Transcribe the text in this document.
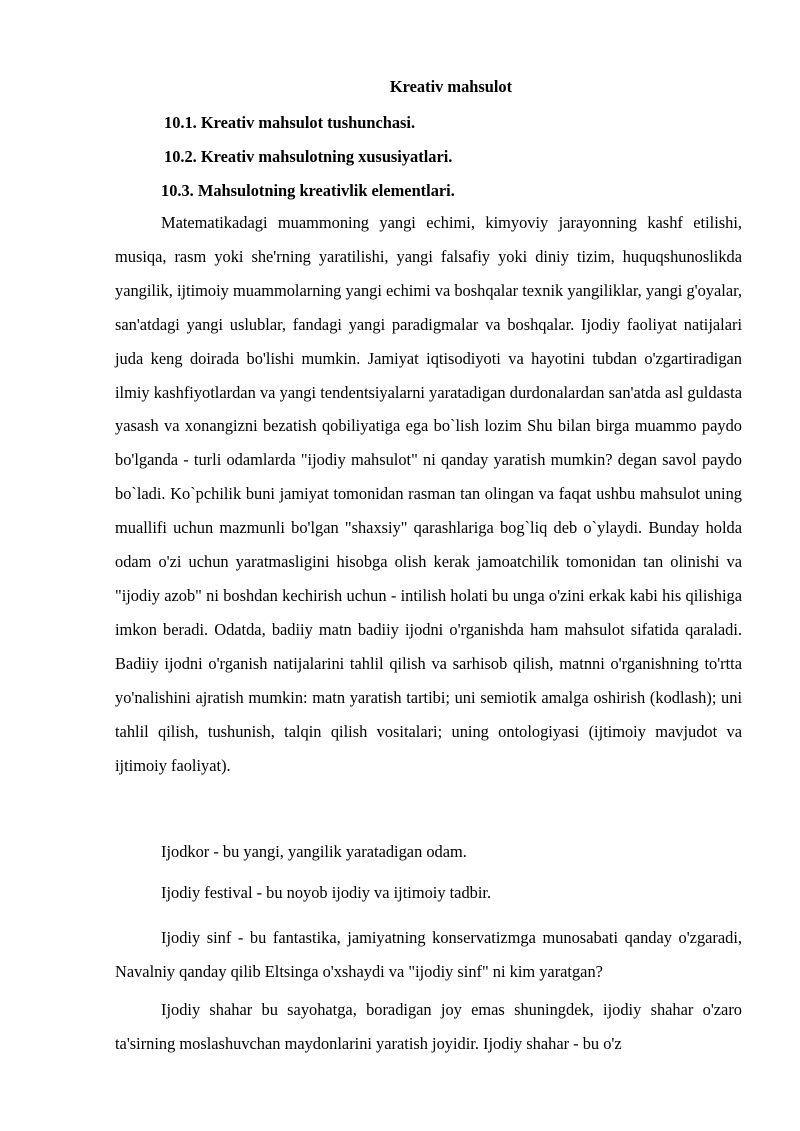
Kreativ mahsulot
10.1. Kreativ mahsulot tushunchasi.
10.2. Kreativ mahsulotning xususiyatlari.
10.3. Mahsulotning kreativlik elementlari.

Matematikadagi muammoning yangi echimi, kimyoviy jarayonning kashf etilishi, musiqa, rasm yoki she'rning yaratilishi, yangi falsafiy yoki diniy tizim, huquqshunoslikda yangilik, ijtimoiy muammolarning yangi echimi va boshqalar texnik yangiliklar, yangi g'oyalar, san'atdagi yangi uslublar, fandagi yangi paradigmalar va boshqalar. Ijodiy faoliyat natijalari juda keng doirada bo'lishi mumkin. Jamiyat iqtisodiyoti va hayotini tubdan o'zgartiradigan ilmiy kashfiyotlardan va yangi tendentsiyalarni yaratadigan durdonalardan san'atda asl guldasta yasash va xonangizni bezatish qobiliyatiga ega bo`lish lozim Shu bilan birga muammo paydo bo'lganda - turli odamlarda "ijodiy mahsulot" ni qanday yaratish mumkin? degan savol paydo bo`ladi. Ko`pchilik buni jamiyat tomonidan rasman tan olingan va faqat ushbu mahsulot uning muallifi uchun mazmunli bo'lgan "shaxsiy" qarashlariga bog`liq deb o`ylaydi. Bunday holda odam o'zi uchun yaratmasligini hisobga olish kerak jamoatchilik tomonidan tan olinishi va "ijodiy azob" ni boshdan kechirish uchun - intilish holati bu unga o'zini erkak kabi his qilishiga imkon beradi. Odatda, badiiy matn badiiy ijodni o'rganishda ham mahsulot sifatida qaraladi. Badiiy ijodni o'rganish natijalarini tahlil qilish va sarhisob qilish, matnni o'rganishning to'rtta yo'nalishini ajratish mumkin: matn yaratish tartibi; uni semiotik amalga oshirish (kodlash); uni tahlil qilish, tushunish, talqin qilish vositalari; uning ontologiyasi (ijtimoiy mavjudot va ijtimoiy faoliyat).

Ijodkor - bu yangi, yangilik yaratadigan odam.

Ijodiy festival - bu noyob ijodiy va ijtimoiy tadbir.

Ijodiy sinf - bu fantastika, jamiyatning konservatizmga munosabati qanday o'zgaradi, Navalniy qanday qilib Eltsinga o'xshaydi va "ijodiy sinf" ni kim yaratgan?

Ijodiy shahar bu sayohatga, boradigan joy emas shuningdek, ijodiy shahar o'zaro ta'sirning moslashuvchan maydonlarini yaratish joyidir. Ijodiy shahar - bu o'z
